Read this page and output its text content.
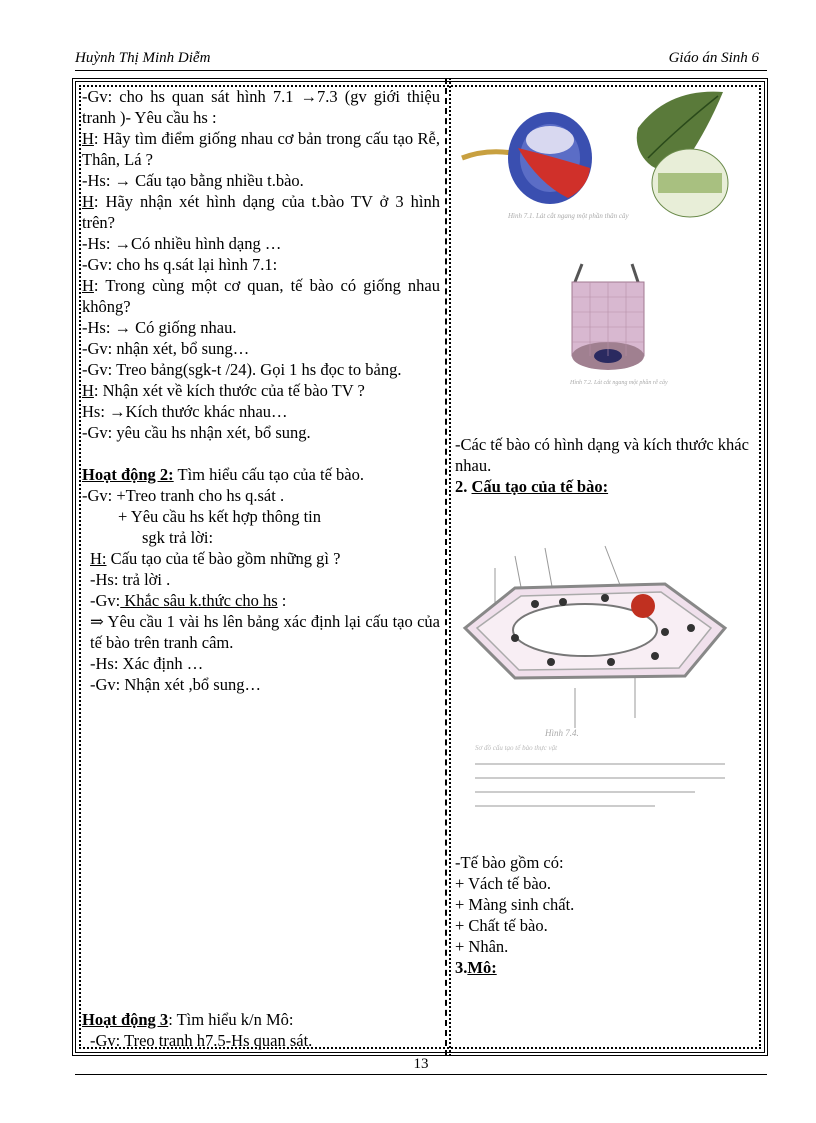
Huỳnh Thị Minh Diễm	Giáo án Sinh 6
-Gv: cho hs quan sát hình 7.1 →7.3 (gv giới thiệu tranh )- Yêu cầu hs :
H: Hãy tìm điểm giống nhau cơ bản trong cấu tạo Rễ, Thân, Lá ?
-Hs: → Cấu tạo bằng nhiều t.bào.
H: Hãy nhận xét hình dạng của t.bào TV ở 3 hình trên?
-Hs: →Có nhiều hình dạng …
-Gv: cho hs q.sát lại hình 7.1:
H: Trong cùng một cơ quan, tế bào có giống nhau không?
-Hs: → Có giống nhau.
-Gv: nhận xét, bổ sung…
-Gv: Treo bảng(sgk-t /24). Gọi 1 hs đọc to bảng.
H: Nhận xét về kích thước của tế bào TV ?
Hs: →Kích thước khác nhau…
-Gv: yêu cầu hs nhận xét, bổ sung.
Hoạt động 2: Tìm hiểu cấu tạo của tế bào.
-Gv: +Treo tranh cho hs q.sát .
+ Yêu cầu hs kết hợp thông tin
sgk trả lời:
H: Cấu tạo của tế bào gồm những gì ?
-Hs: trả lời .
-Gv: Khắc sâu k.thức cho hs :
⇒ Yêu cầu 1 vài hs lên bảng xác định lại cấu tạo của tế bào trên tranh câm.
-Hs: Xác định …
-Gv: Nhận xét ,bổ sung…
Hoạt động 3: Tìm hiểu k/n Mô:
-Gv: Treo tranh h7.5-Hs quan sát.
Hình 7.1. Lát cắt ngang một phần thân cây
Hình 7.2. Lát cắt ngang một phần rễ cây
-Các tế bào có hình dạng và kích thước khác nhau.
2. Cấu tạo của tế bào:
Hình 7.4.
Sơ đồ cấu tạo tế bào thực vật
-Tế bào gồm có:
+ Vách tế bào.
+ Màng sinh chất.
+ Chất tế bào.
+ Nhân.
3.Mô:
13
